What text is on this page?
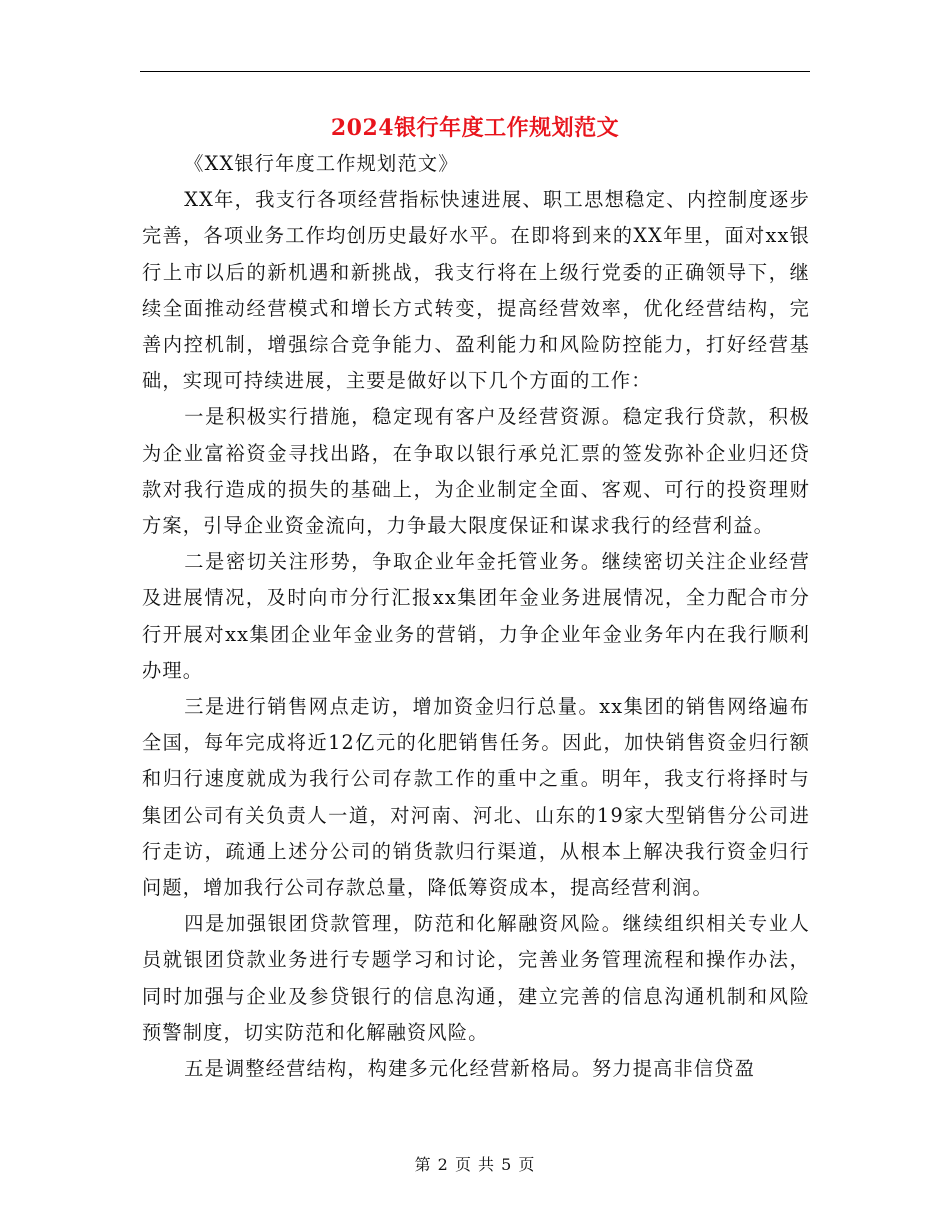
2024银行年度工作规划范文

《XX银行年度工作规划范文》

XX年，我支行各项经营指标快速进展、职工思想稳定、内控制度逐步完善，各项业务工作均创历史最好水平。在即将到来的XX年里，面对xx银行上市以后的新机遇和新挑战，我支行将在上级行党委的正确领导下，继续全面推动经营模式和增长方式转变，提高经营效率，优化经营结构，完善内控机制，增强综合竞争能力、盈利能力和风险防控能力，打好经营基础，实现可持续进展，主要是做好以下几个方面的工作：

一是积极实行措施，稳定现有客户及经营资源。稳定我行贷款，积极为企业富裕资金寻找出路，在争取以银行承兑汇票的签发弥补企业归还贷款对我行造成的损失的基础上，为企业制定全面、客观、可行的投资理财方案，引导企业资金流向，力争最大限度保证和谋求我行的经营利益。

二是密切关注形势，争取企业年金托管业务。继续密切关注企业经营及进展情况，及时向市分行汇报xx集团年金业务进展情况，全力配合市分行开展对xx集团企业年金业务的营销，力争企业年金业务年内在我行顺利办理。

三是进行销售网点走访，增加资金归行总量。xx集团的销售网络遍布全国，每年完成将近12亿元的化肥销售任务。因此，加快销售资金归行额和归行速度就成为我行公司存款工作的重中之重。明年，我支行将择时与集团公司有关负责人一道，对河南、河北、山东的19家大型销售分公司进行走访，疏通上述分公司的销货款归行渠道，从根本上解决我行资金归行问题，增加我行公司存款总量，降低筹资成本，提高经营利润。

四是加强银团贷款管理，防范和化解融资风险。继续组织相关专业人员就银团贷款业务进行专题学习和讨论，完善业务管理流程和操作办法，同时加强与企业及参贷银行的信息沟通，建立完善的信息沟通机制和风险预警制度，切实防范和化解融资风险。

五是调整经营结构，构建多元化经营新格局。努力提高非信贷盈

第 2 页 共 5 页
